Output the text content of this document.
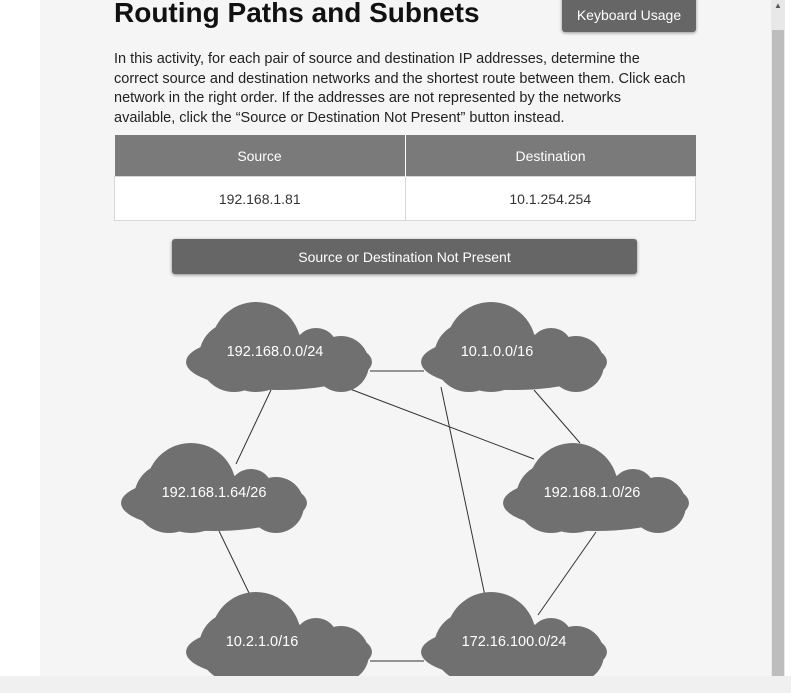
▲
Routing Paths and Subnets	Keyboard Usage

In this activity, for each pair of source and destination IP addresses, determine the correct source and destination networks and the shortest route between them. Click each network in the right order. If the addresses are not represented by the networks available, click the “Source or Destination Not Present” button instead.

Source	Destination
192.168.1.81	10.1.254.254
Source or Destination Not Present
192.168.0.0/24	10.1.0.0/16
192.168.1.64/26	192.168.1.0/26
10.2.1.0/16	172.16.100.0/24
